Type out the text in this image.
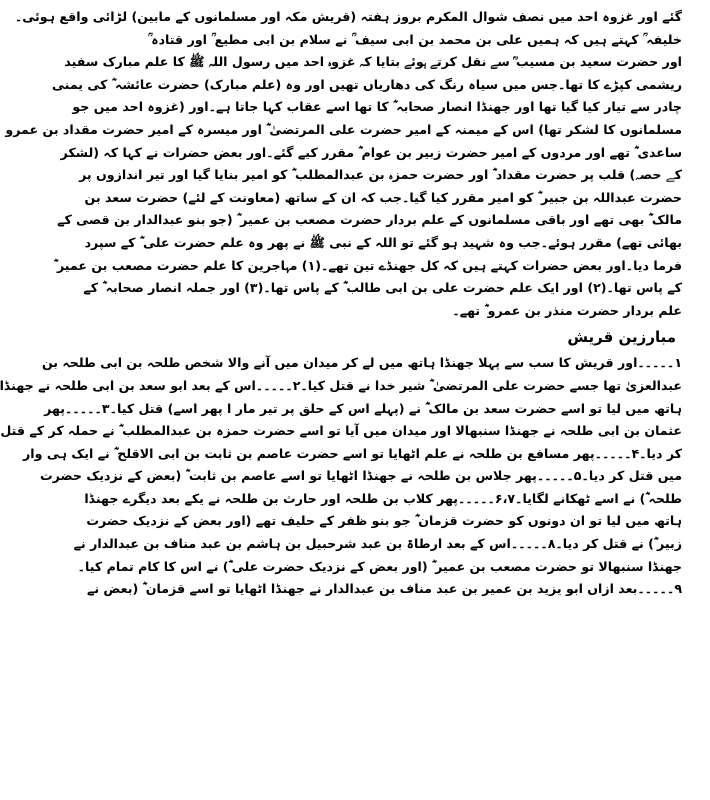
گئے اور غزوہ احد میں نصف شوال المکرم بروز ہفتہ (قریش مکہ اور مسلمانوں کے مابین) لڑائی واقع ہوئی۔
خلیفہ ؒ کہتے ہیں کہ ہمیں علی بن محمد بن ابی سیف ؒ نے سلام بن ابی مطیع ؒ اور قتادہ ؒ
اور حضرت سعید بن مسیب ؒ سے نقل کرتے ہوئے بتایا کہ غزوہ احد میں رسول اللہ ﷺ کا علم مبارک سفید
ریشمی کپڑے کا تھا۔جس میں سیاہ رنگ کی دھاریاں تھیں اور وہ (علم مبارک) حضرت عائشہ ؓ کی یمنی
چادر سے تیار کیا گیا تھا اور جھنڈا انصار صحابہ ؓ کا تھا اسے عقاب کہا جاتا ہے۔اور (غزوہ احد میں جو
مسلمانوں کا لشکر تھا) اس کے میمنہ کے امیر حضرت علی المرتضیٰ ؓ اور میسرہ کے امیر حضرت مقداد بن عمرو
ساعدی ؓ تھے اور مردوں کے امیر حضرت زبیر بن عوام ؓ مقرر کیے گئے۔اور بعض حضرات نے کہا کہ (لشکر
کے حصہ) قلب پر حضرت مقداد ؓ اور حضرت حمزہ بن عبدالمطلب ؓ کو امیر بنایا گیا اور تیر اندازوں پر
حضرت عبداللہ بن جبیر ؓ کو امیر مقرر کیا گیا۔جب کہ ان کے ساتھ (معاونت کے لئے) حضرت سعد بن
مالک ؓ بھی تھے اور باقی مسلمانوں کے علم بردار حضرت مصعب بن عمیر ؓ (جو بنو عبدالدار بن قصی کے
بھائی تھے) مقرر ہوئے۔جب وہ شہید ہو گئے تو اللہ کے نبی ﷺ نے پھر وہ علم حضرت علی ؓ کے سپرد
فرما دیا۔اور بعض حضرات کہتے ہیں کہ کل جھنڈے تین تھے۔(۱) مہاجرین کا علم حضرت مصعب بن عمیر ؓ
کے پاس تھا۔(۲) اور ایک علم حضرت علی بن ابی طالب ؓ کے پاس تھا۔(۳) اور جملہ انصار صحابہ ؓ کے
علم بردار حضرت منذر بن عمرو ؓ تھے۔
مبارزین قریش
۱۔۔۔۔۔اور قریش کا سب سے پہلا جھنڈا ہاتھ میں لے کر میدان میں آنے والا شخص طلحہ بن ابی طلحہ بن
عبدالعزیٰ تھا جسے حضرت علی المرتضیٰ ؓ شیر خدا نے قتل کیا۔۲۔۔۔۔۔اس کے بعد ابو سعد بن ابی طلحہ نے جھنڈا
ہاتھ میں لیا تو اسے حضرت سعد بن مالک ؓ نے (پہلے اس کے حلق پر تیر مار ا پھر اسے) قتل کیا۔۳۔۔۔۔۔پھر
عثمان بن ابی طلحہ نے جھنڈا سنبھالا اور میدان میں آیا تو اسے حضرت حمزہ بن عبدالمطلب ؓ نے حملہ کر کے قتل
کر دیا۔۴۔۔۔۔۔پھر مسافع بن طلحہ نے علم اٹھایا تو اسے حضرت عاصم بن ثابت بن ابی الاقلح ؓ نے ایک ہی وار
میں قتل کر دیا۔۵۔۔۔۔۔پھر جلاس بن طلحہ نے جھنڈا اٹھایا تو اسے عاصم بن ثابت ؓ (بعض کے نزدیک حضرت
طلحہ ؓ) نے اسے ٹھکانے لگایا۔۶،۷۔۔۔۔۔پھر کلاب بن طلحہ اور حارث بن طلحہ نے یکے بعد دیگرے جھنڈا
ہاتھ میں لیا تو ان دونوں کو حضرت قزمان ؓ جو بنو ظفر کے حلیف تھے (اور بعض کے نزدیک حضرت
زبیر ؓ) نے قتل کر دیا۔۸۔۔۔۔۔اس کے بعد ارطاۃ بن عبد شرحبیل بن ہاشم بن عبد مناف بن عبدالدار نے
جھنڈا سنبھالا تو حضرت مصعب بن عمیر ؓ (اور بعض کے نزدیک حضرت علی ؓ) نے اس کا کام تمام کیا۔
۹۔۔۔۔۔بعد ازاں ابو یزید بن عمیر بن عبد مناف بن عبدالدار نے جھنڈا اٹھایا تو اسے قزمان ؓ (بعض نے
